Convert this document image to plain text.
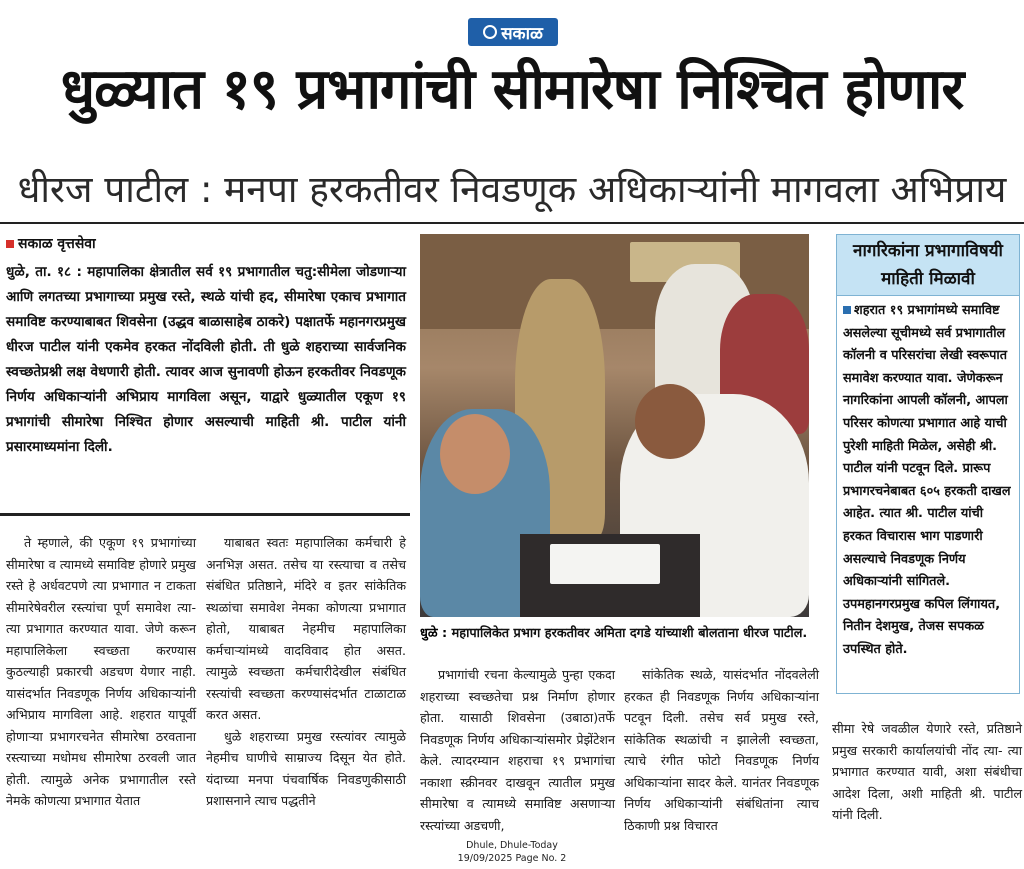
सकाळ
धुळ्यात १९ प्रभागांची सीमारेषा निश्चित होणार
धीरज पाटील : मनपा हरकतीवर निवडणूक अधिकाऱ्यांनी मागवला अभिप्राय
सकाळ वृत्तसेवा
धुळे, ता. १८ : महापालिका क्षेत्रातील सर्व १९ प्रभागातील चतु:सीमेला जोडणाऱ्या आणि लगतच्या प्रभागाच्या प्रमुख रस्ते, स्थळे यांची हद, सीमारेषा एकाच प्रभागात समाविष्ट करण्याबाबत शिवसेना (उद्धव बाळासाहेब ठाकरे) पक्षातर्फे महानगरप्रमुख धीरज पाटील यांनी एकमेव हरकत नोंदविली होती. ती धुळे शहराच्या सार्वजनिक स्वच्छतेप्रश्नी लक्ष वेधणारी होती. त्यावर आज सुनावणी होऊन हरकतीवर निवडणूक निर्णय अधिकाऱ्यांनी अभिप्राय मागविला असून, याद्वारे धुळ्यातील एकूण १९ प्रभागांची सीमारेषा निश्चित होणार असल्याची माहिती श्री. पाटील यांनी प्रसारमाध्यमांना दिली.

ते म्हणाले, की एकूण १९ प्रभागांच्या सीमारेषा व त्यामध्ये समाविष्ट होणारे प्रमुख रस्ते हे अर्धवटपणे त्या प्रभागात न टाकता सीमारेषेवरील रस्त्यांचा पूर्ण समावेश त्या-त्या प्रभागात करण्यात यावा. जेणे करून महापालिकेला स्वच्छता करण्यास कुठल्याही प्रकारची अडचण येणार नाही. यासंदर्भात निवडणूक निर्णय अधिकाऱ्यांनी अभिप्राय मागविला आहे. शहरात यापूर्वी होणाऱ्या प्रभागरचनेत सीमारेषा ठरवताना रस्त्याच्या मधोमध सीमारेषा ठरवली जात होती. त्यामुळे अनेक प्रभागातील रस्ते नेमके कोणत्या प्रभागात येतात

याबाबत स्वतः महापालिका कर्मचारी हे अनभिज्ञ असत. तसेच या रस्त्याचा व तसेच संबंधित प्रतिष्ठाने, मंदिरे व इतर सांकेतिक स्थळांचा समावेश नेमका कोणत्या प्रभागात होतो, याबाबत नेहमीच महापालिका कर्मचाऱ्यांमध्ये वादविवाद होत असत. त्यामुळे स्वच्छता कर्मचारीदेखील संबंधित रस्त्यांची स्वच्छता करण्यासंदर्भात टाळाटाळ करत असत.

धुळे शहराच्या प्रमुख रस्त्यांवर त्यामुळे नेहमीच घाणीचे साम्राज्य दिसून येत होते. यंदाच्या मनपा पंचवार्षिक निवडणुकीसाठी प्रशासनाने त्याच पद्धतीने

धुळे : महापालिकेत प्रभाग हरकतीवर अमिता दगडे यांच्याशी बोलताना धीरज पाटील.

प्रभागांची रचना केल्यामुळे पुन्हा एकदा शहराच्या स्वच्छतेचा प्रश्न निर्माण होणार होता. यासाठी शिवसेना (उबाठा)तर्फे निवडणूक निर्णय अधिकाऱ्यांसमोर प्रेझेंटेशन केले. त्यादरम्यान शहराचा १९ प्रभागांचा नकाशा स्क्रीनवर दाखवून त्यातील प्रमुख सीमारेषा व त्यामध्ये समाविष्ट असणाऱ्या रस्त्यांच्या अडचणी,

सांकेतिक स्थळे, यासंदर्भात नोंदवलेली हरकत ही निवडणूक निर्णय अधिकाऱ्यांना पटवून दिली. तसेच सर्व प्रमुख रस्ते, सांकेतिक स्थळांची न झालेली स्वच्छता, त्याचे रंगीत फोटो निवडणूक निर्णय अधिकाऱ्यांना सादर केले. यानंतर निवडणूक निर्णय अधिकाऱ्यांनी संबंधितांना त्याच ठिकाणी प्रश्न विचारत

नागरिकांना प्रभागाविषयी माहिती मिळावी
शहरात १९ प्रभागांमध्ये समाविष्ट असलेल्या सूचीमध्ये सर्व प्रभागातील कॉलनी व परिसरांचा लेखी स्वरूपात समावेश करण्यात यावा. जेणेकरून नागरिकांना आपली कॉलनी, आपला परिसर कोणत्या प्रभागात आहे याची पुरेशी माहिती मिळेल, असेही श्री. पाटील यांनी पटवून दिले. प्रारूप प्रभागरचनेबाबत ६०५ हरकती दाखल आहेत. त्यात श्री. पाटील यांची हरकत विचारास भाग पाडणारी असल्याचे निवडणूक निर्णय अधिकाऱ्यांनी सांगितले. उपमहानगरप्रमुख कपिल लिंगायत, नितीन देशमुख, तेजस सपकळ उपस्थित होते.

सीमा रेषे जवळील येणारे रस्ते, प्रतिष्ठाने प्रमुख सरकारी कार्यालयांची नोंद त्या- त्या प्रभागात करण्यात यावी, अशा संबंधीचा आदेश दिला, अशी माहिती श्री. पाटील यांनी दिली.

Dhule, Dhule-Today
19/09/2025 Page No. 2
